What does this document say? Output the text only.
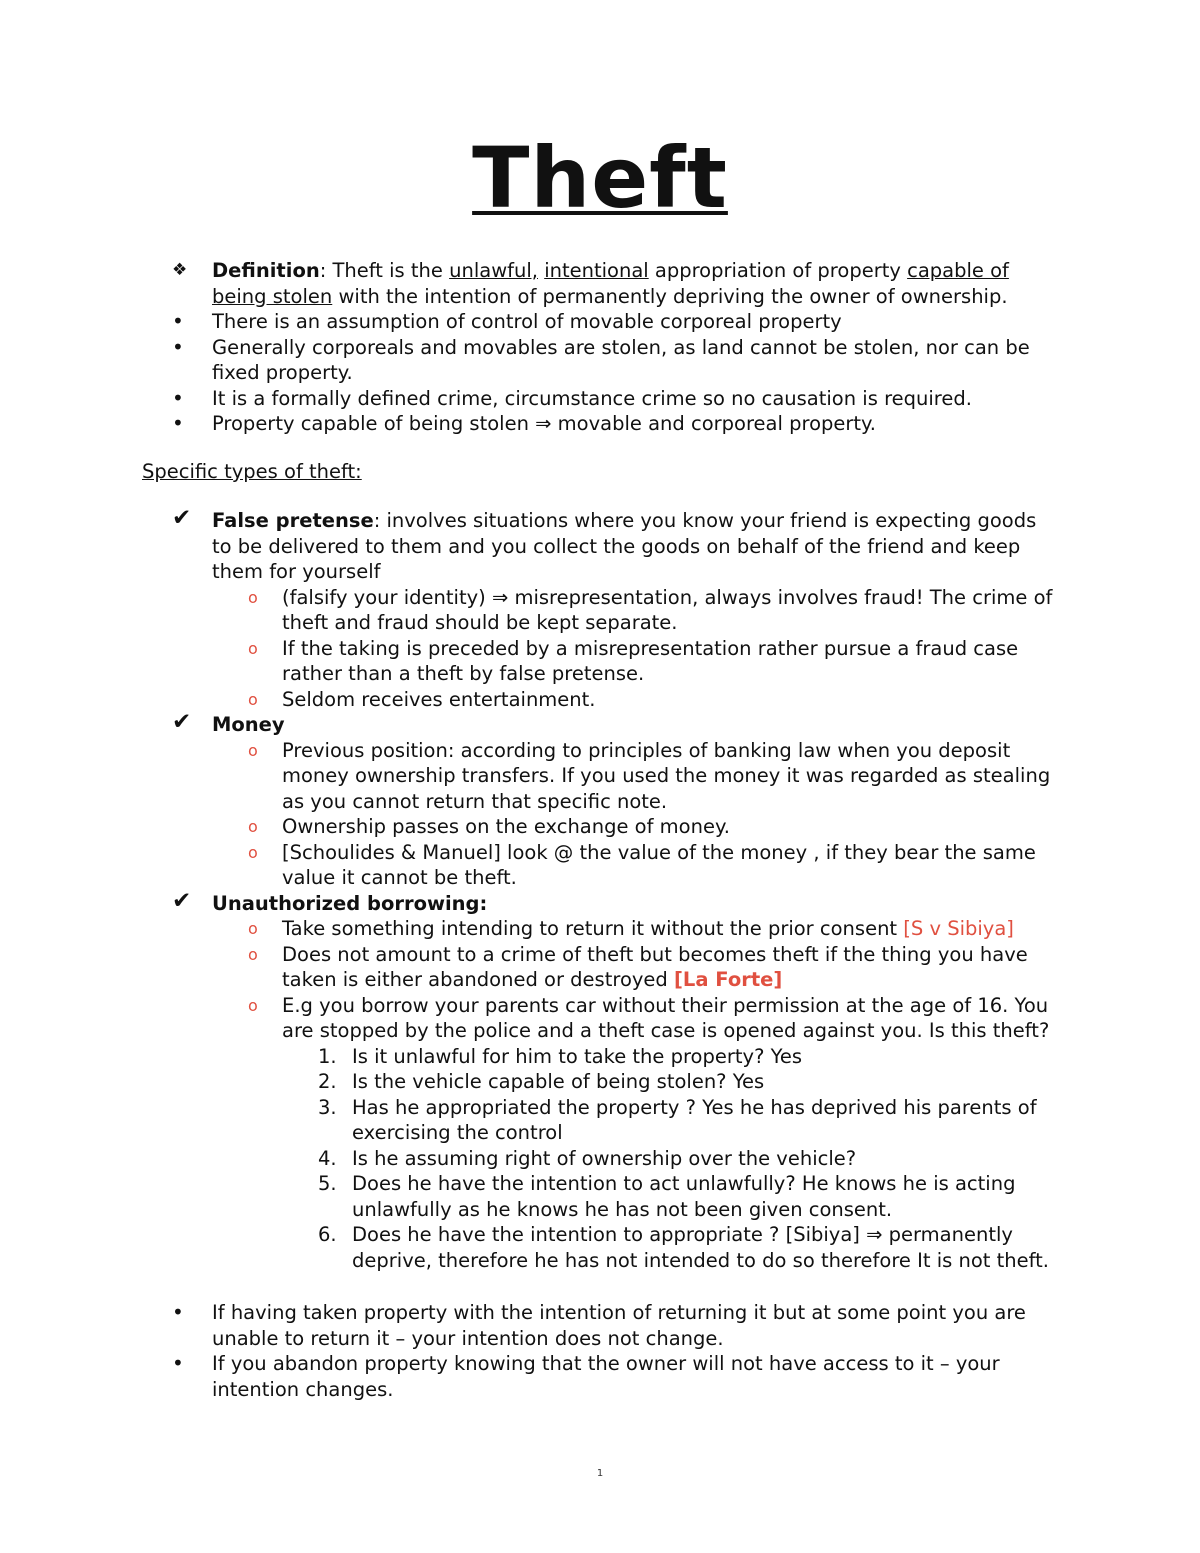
Theft
❖ Definition: Theft is the unlawful, intentional appropriation of property capable of
being stolen with the intention of permanently depriving the owner of ownership.
• There is an assumption of control of movable corporeal property
• Generally corporeals and movables are stolen, as land cannot be stolen, nor can be fixed property.
• It is a formally defined crime, circumstance crime so no causation is required.
• Property capable of being stolen ⇒ movable and corporeal property.
Specific types of theft:
✔ False pretense: involves situations where you know your friend is expecting goods to be delivered to them and you collect the goods on behalf of the friend and keep them for yourself
o (falsify your identity) ⇒ misrepresentation, always involves fraud! The crime of theft and fraud should be kept separate.
o If the taking is preceded by a misrepresentation rather pursue a fraud case rather than a theft by false pretense.
o Seldom receives entertainment.
✔ Money
o Previous position: according to principles of banking law when you deposit money ownership transfers. If you used the money it was regarded as stealing as you cannot return that specific note.
o Ownership passes on the exchange of money.
o [Schoulides & Manuel] look @ the value of the money , if they bear the same value it cannot be theft.
✔ Unauthorized borrowing:
o Take something intending to return it without the prior consent [S v Sibiya]
o Does not amount to a crime of theft but becomes theft if the thing you have taken is either abandoned or destroyed [La Forte]
o E.g you borrow your parents car without their permission at the age of 16. You are stopped by the police and a theft case is opened against you. Is this theft?
1. Is it unlawful for him to take the property? Yes
2. Is the vehicle capable of being stolen? Yes
3. Has he appropriated the property ? Yes he has deprived his parents of exercising the control
4. Is he assuming right of ownership over the vehicle?
5. Does he have the intention to act unlawfully? He knows he is acting unlawfully as he knows he has not been given consent.
6. Does he have the intention to appropriate ? [Sibiya] ⇒ permanently deprive, therefore he has not intended to do so therefore It is not theft.
• If having taken property with the intention of returning it but at some point you are unable to return it – your intention does not change.
• If you abandon property knowing that the owner will not have access to it – your intention changes.
1
